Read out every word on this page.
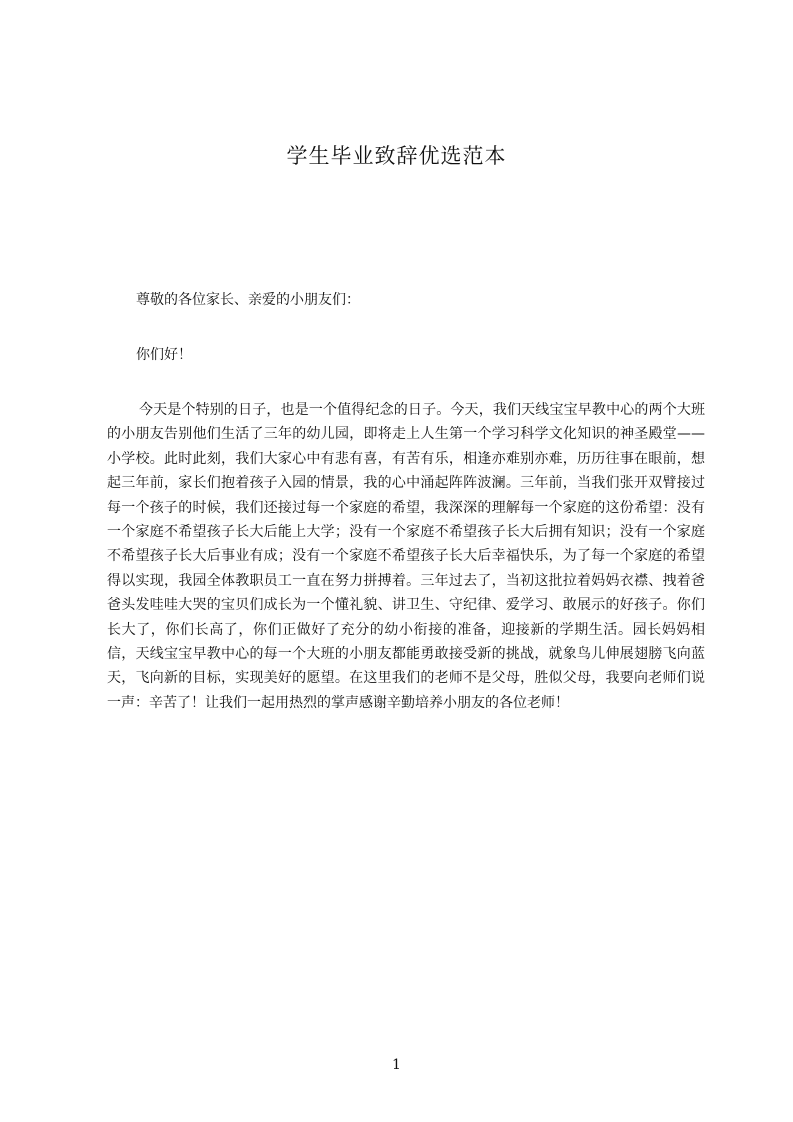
学生毕业致辞优选范本
尊敬的各位家长、亲爱的小朋友们：
你们好！

今天是个特别的日子，也是一个值得纪念的日子。今天，我们天线宝宝早教中心的两个大班的小朋友告别他们生活了三年的幼儿园，即将走上人生第一个学习科学文化知识的神圣殿堂——小学校。此时此刻，我们大家心中有悲有喜，有苦有乐，相逢亦难别亦难，历历往事在眼前，想起三年前，家长们抱着孩子入园的情景，我的心中涌起阵阵波澜。三年前，当我们张开双臂接过每一个孩子的时候，我们还接过每一个家庭的希望，我深深的理解每一个家庭的这份希望：没有一个家庭不希望孩子长大后能上大学；没有一个家庭不希望孩子长大后拥有知识；没有一个家庭不希望孩子长大后事业有成；没有一个家庭不希望孩子长大后幸福快乐，为了每一个家庭的希望得以实现，我园全体教职员工一直在努力拼搏着。三年过去了，当初这批拉着妈妈衣襟、拽着爸爸头发哇哇大哭的宝贝们成长为一个懂礼貌、讲卫生、守纪律、爱学习、敢展示的好孩子。你们长大了，你们长高了，你们正做好了充分的幼小衔接的准备，迎接新的学期生活。园长妈妈相信，天线宝宝早教中心的每一个大班的小朋友都能勇敢接受新的挑战，就象鸟儿伸展翅膀飞向蓝天，飞向新的目标，实现美好的愿望。在这里我们的老师不是父母，胜似父母，我要向老师们说一声：辛苦了！让我们一起用热烈的掌声感谢辛勤培养小朋友的各位老师！

1
